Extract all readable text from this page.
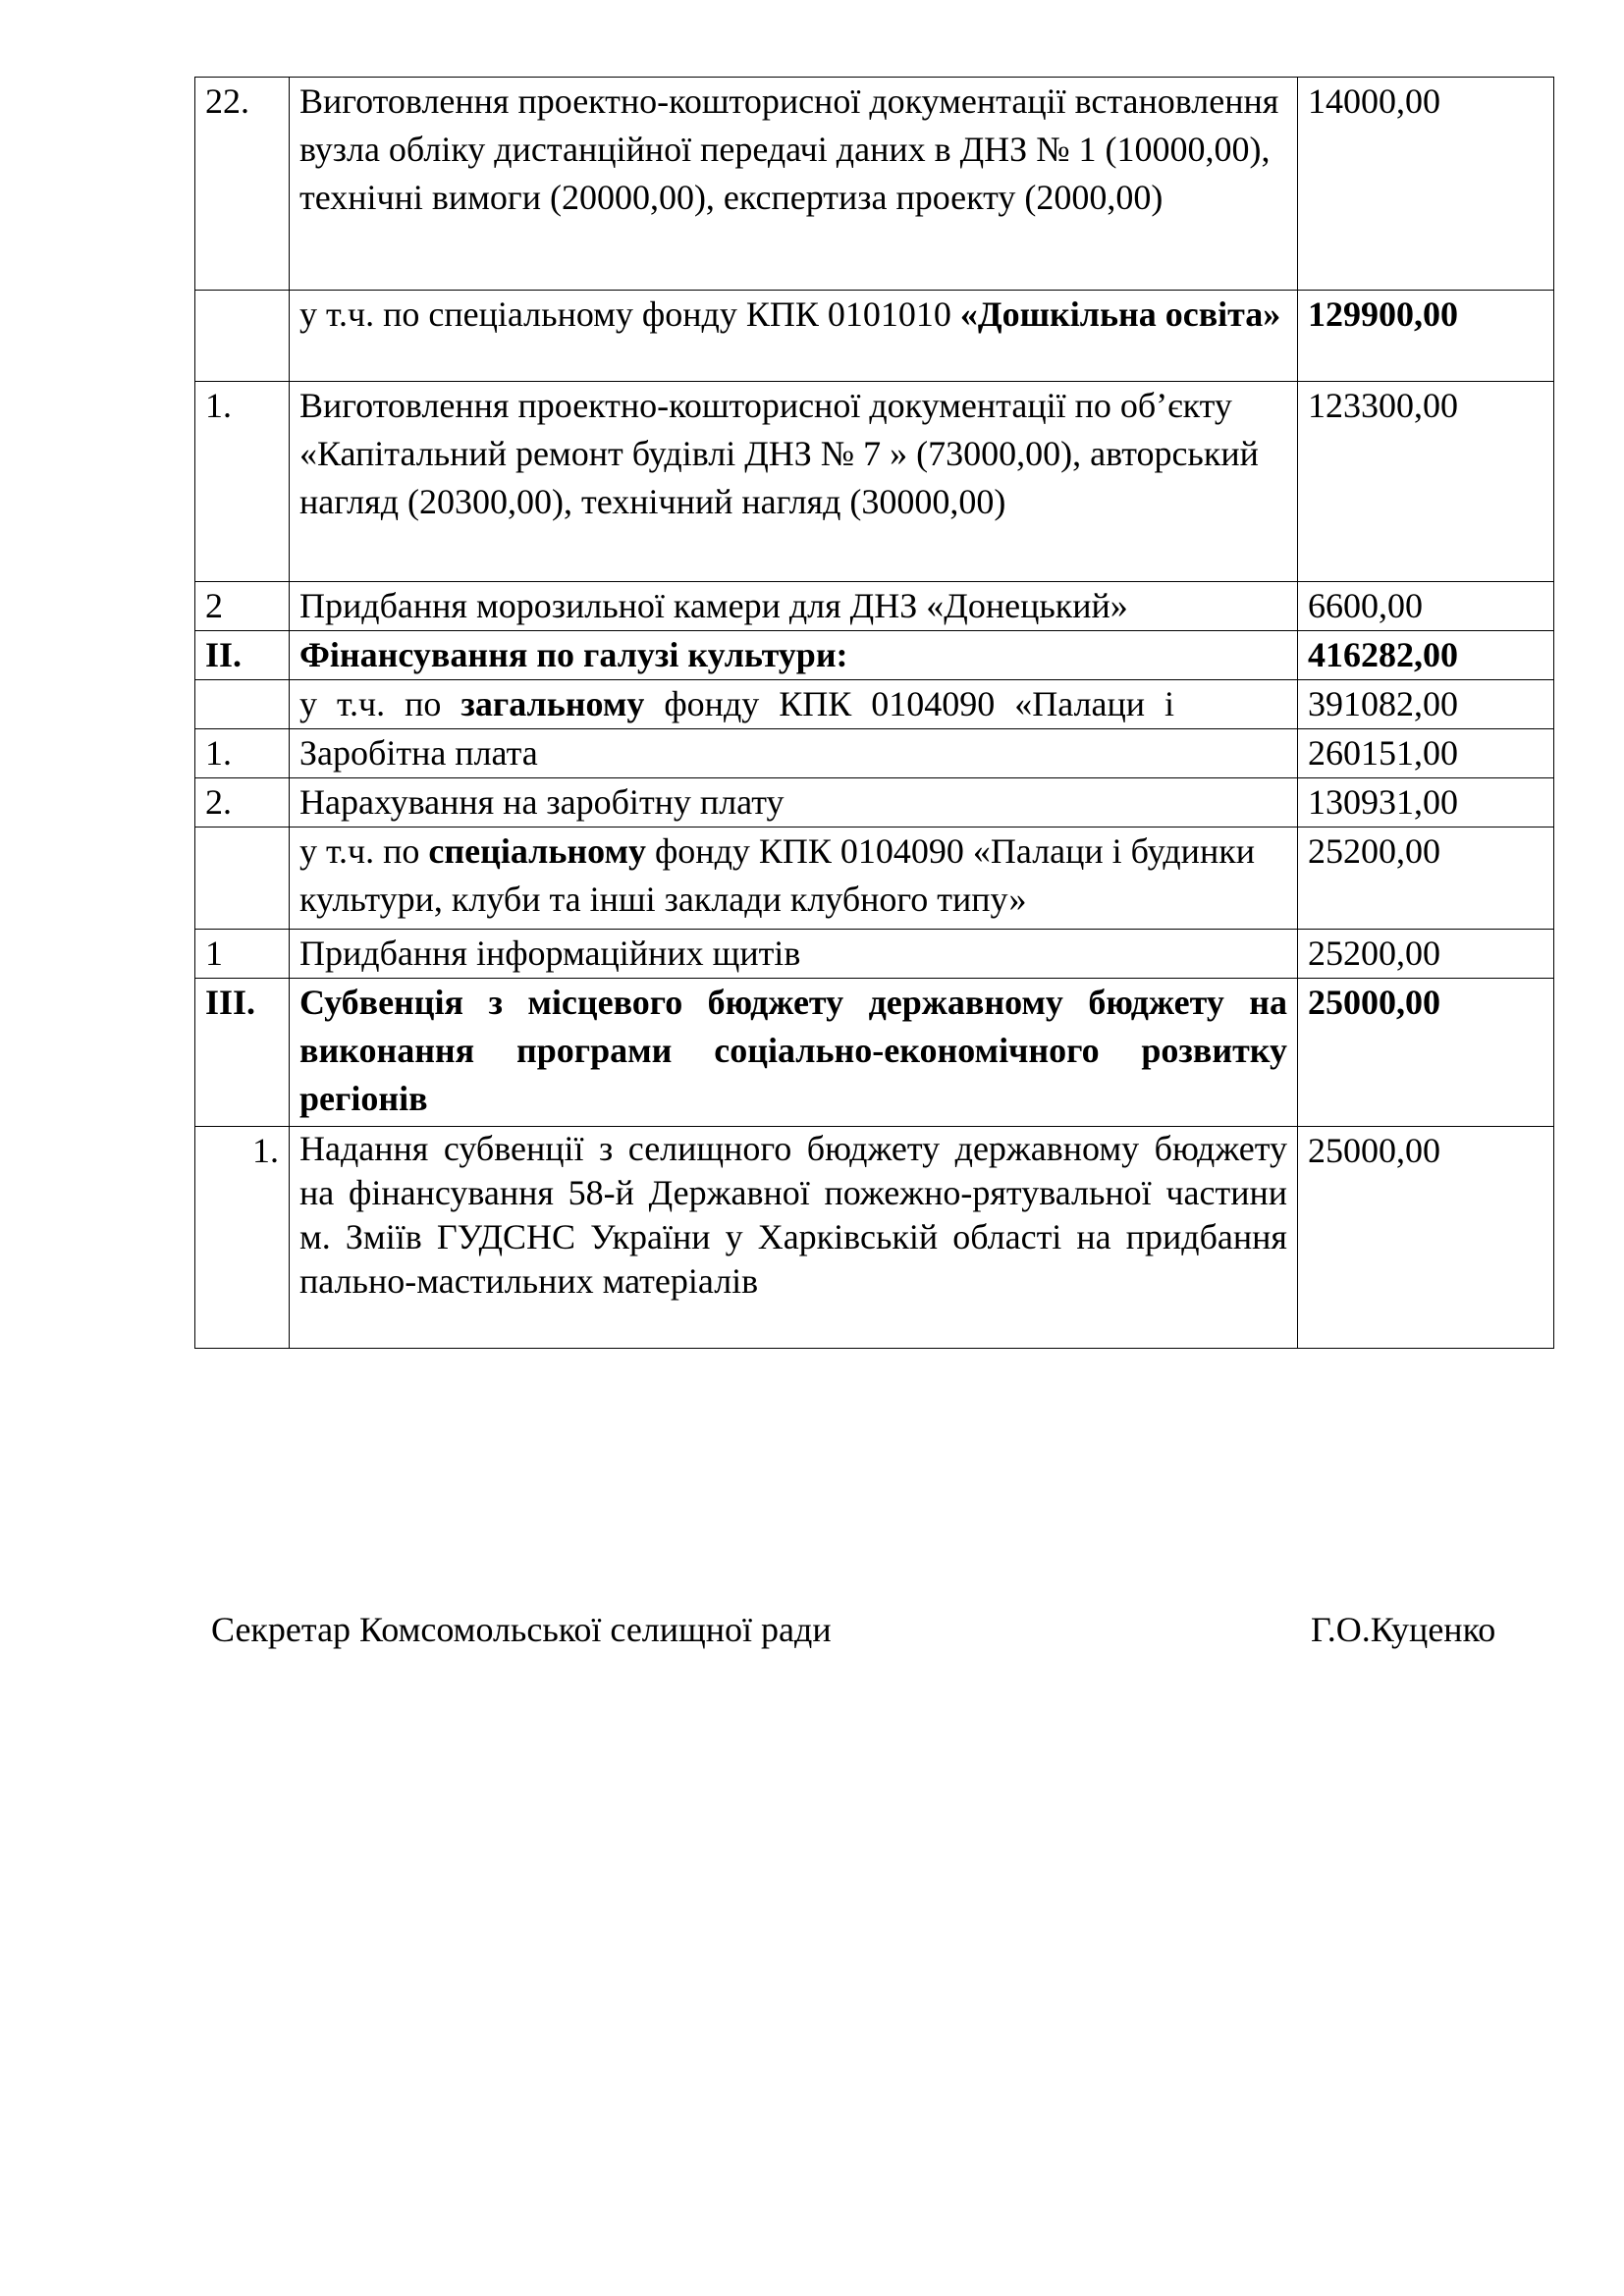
22.	Виготовлення проектно-кошторисної документації встановлення вузла обліку дистанційної передачі даних в ДНЗ № 1 (10000,00), технічні вимоги (20000,00), експертиза проекту (2000,00)	14000,00
	у т.ч. по спеціальному фонду КПК 0101010 «Дошкільна освіта»	129900,00
1.	Виготовлення проектно-кошторисної документації по об’єкту «Капітальний ремонт будівлі ДНЗ № 7 » (73000,00), авторський нагляд (20300,00), технічний нагляд (30000,00)	123300,00
2	Придбання морозильної камери для ДНЗ «Донецький»	6600,00
ІІ.	Фінансування по галузі культури:	416282,00
	у т.ч. по загальному фонду КПК 0104090 «Палаци і	391082,00
1.	Заробітна плата	260151,00
2.	Нарахування на заробітну плату	130931,00
	у т.ч. по спеціальному фонду КПК 0104090 «Палаци і будинки культури, клуби та інші заклади клубного типу»	25200,00
1	Придбання інформаційних щитів	25200,00
ІІІ.	Субвенція з місцевого бюджету державному бюджету на виконання програми соціально-економічного розвитку регіонів	25000,00
1.	Надання субвенції з селищного бюджету державному бюджету на фінансування 58-й Державної пожежно-рятувальної частини м. Зміїв ГУДСНС України у Харківській області на придбання пально-мастильних матеріалів	25000,00
Секретар Комсомольської селищної ради	Г.О.Куценко
